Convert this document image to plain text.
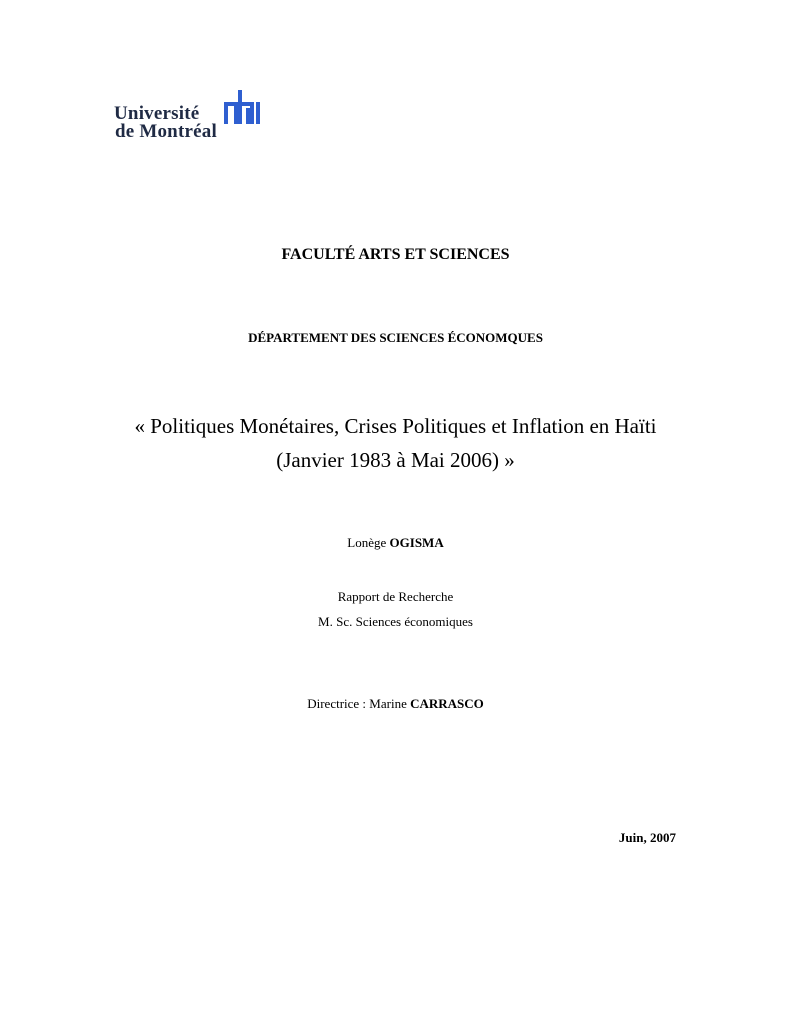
Université
de Montréal
FACULTÉ ARTS ET SCIENCES
DÉPARTEMENT DES SCIENCES ÉCONOMQUES
« Politiques Monétaires, Crises Politiques et Inflation en Haïti
(Janvier 1983 à Mai 2006) »
Lonège OGISMA
Rapport de Recherche
M. Sc. Sciences économiques
Directrice : Marine CARRASCO
Juin, 2007
